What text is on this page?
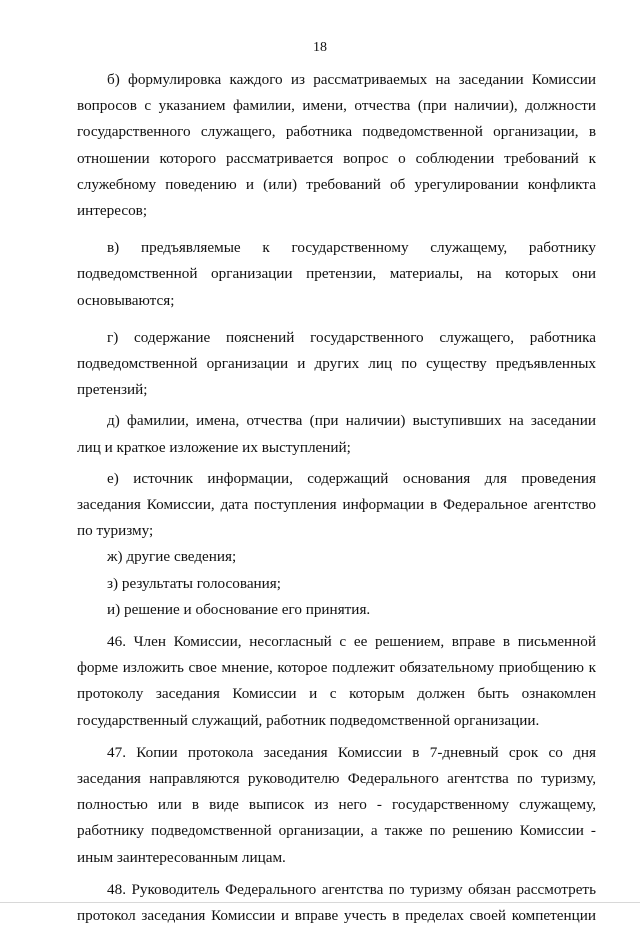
18

б) формулировка каждого из рассматриваемых на заседании Комиссии вопросов с указанием фамилии, имени, отчества (при наличии), должности государственного служащего, работника подведомственной организации, в отношении которого рассматривается вопрос о соблюдении требований к служебному поведению и (или) требований об урегулировании конфликта интересов;

в) предъявляемые к государственному служащему, работнику подведомственной организации претензии, материалы, на которых они основываются;

г) содержание пояснений государственного служащего, работника подведомственной организации и других лиц по существу предъявленных претензий;

д) фамилии, имена, отчества (при наличии) выступивших на заседании лиц и краткое изложение их выступлений;

е) источник информации, содержащий основания для проведения заседания Комиссии, дата поступления информации в Федеральное агентство по туризму;

ж) другие сведения;

з) результаты голосования;

и) решение и обоснование его принятия.

46. Член Комиссии, несогласный с ее решением, вправе в письменной форме изложить свое мнение, которое подлежит обязательному приобщению к протоколу заседания Комиссии и с которым должен быть ознакомлен государственный служащий, работник подведомственной организации.

47. Копии протокола заседания Комиссии в 7-дневный срок со дня заседания направляются руководителю Федерального агентства по туризму, полностью или в виде выписок из него - государственному служащему, работнику подведомственной организации, а также по решению Комиссии - иным заинтересованным лицам.

48. Руководитель Федерального агентства по туризму обязан рассмотреть протокол заседания Комиссии и вправе учесть в пределах своей компетенции
